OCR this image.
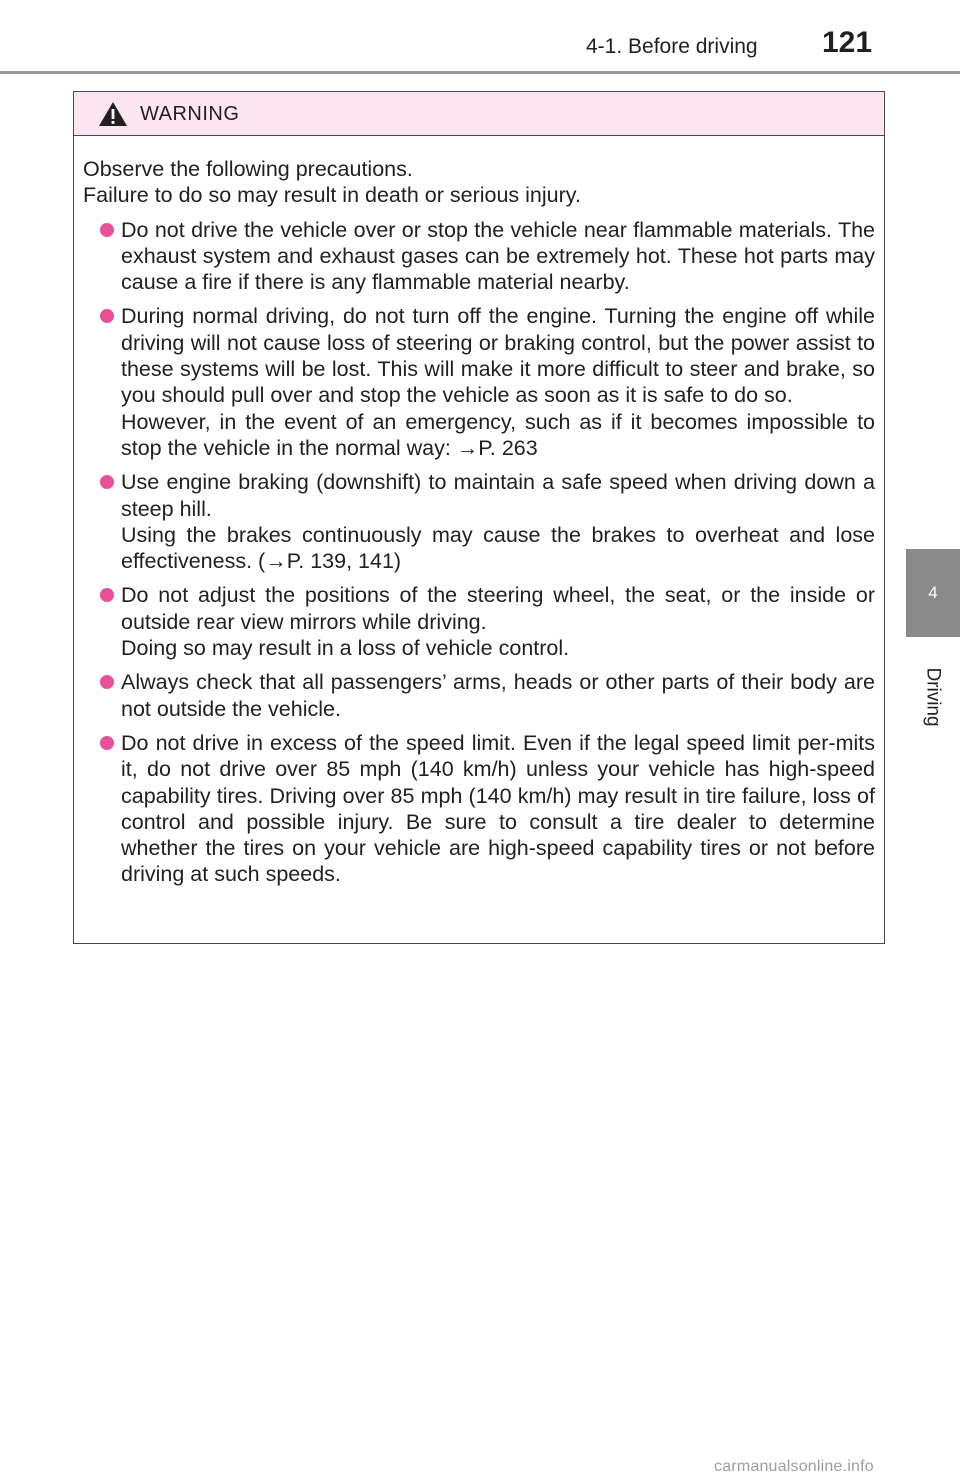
4-1. Before driving 121
4
Driving
WARNING

Observe the following precautions.

Failure to do so may result in death or serious injury.

Do not drive the vehicle over or stop the vehicle near flammable materials. The exhaust system and exhaust gases can be extremely hot. These hot parts may cause a fire if there is any flammable material nearby.
During normal driving, do not turn off the engine. Turning the engine off while driving will not cause loss of steering or braking control, but the power assist to these systems will be lost. This will make it more difficult to steer and brake, so you should pull over and stop the vehicle as soon as it is safe to do so.
However, in the event of an emergency, such as if it becomes impossible to stop the vehicle in the normal way: →P. 263
Use engine braking (downshift) to maintain a safe speed when driving down a steep hill.
Using the brakes continuously may cause the brakes to overheat and lose effectiveness. (→P. 139, 141)
Do not adjust the positions of the steering wheel, the seat, or the inside or outside rear view mirrors while driving.
Doing so may result in a loss of vehicle control.
Always check that all passengers’ arms, heads or other parts of their body are not outside the vehicle.
Do not drive in excess of the speed limit. Even if the legal speed limit per-mits it, do not drive over 85 mph (140 km/h) unless your vehicle has high-speed capability tires. Driving over 85 mph (140 km/h) may result in tire failure, loss of control and possible injury. Be sure to consult a tire dealer to determine whether the tires on your vehicle are high-speed capability tires or not before driving at such speeds.
carmanualsonline.info
